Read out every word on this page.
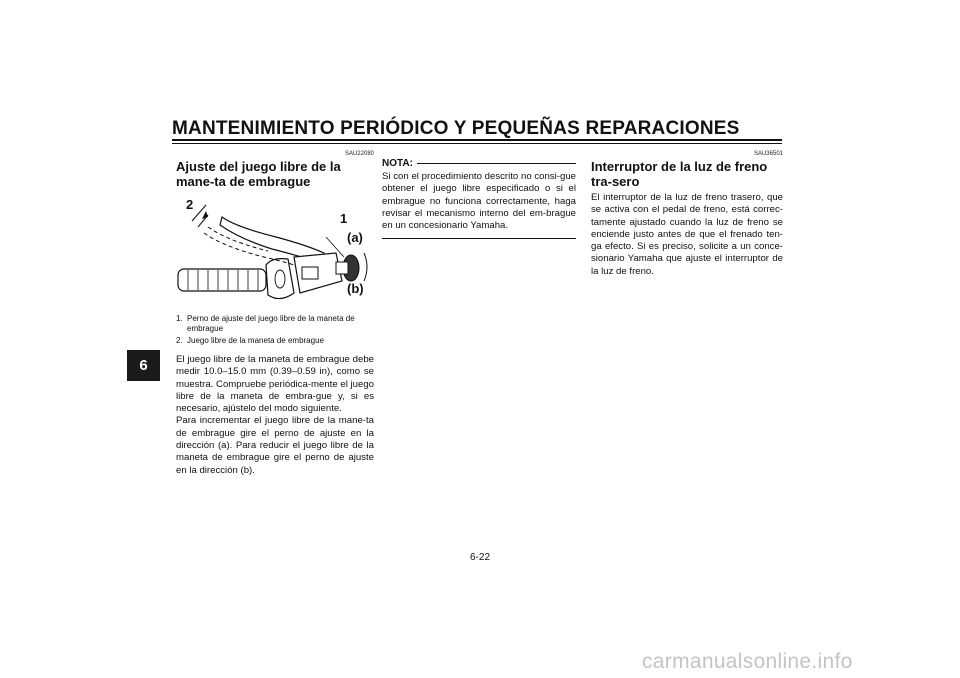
MANTENIMIENTO PERIÓDICO Y PEQUEÑAS REPARACIONES
6
SAU22080
Ajuste del juego libre de la mane-ta de embrague
2
1
(a)
(b)
1. Perno de ajuste del juego libre de la maneta de embrague
2. Juego libre de la maneta de embrague

El juego libre de la maneta de embrague debe medir 10.0–15.0 mm (0.39–0.59 in), como se muestra. Compruebe periódica-mente el juego libre de la maneta de embra-gue y, si es necesario, ajústelo del modo siguiente.

Para incrementar el juego libre de la mane-ta de embrague gire el perno de ajuste en la dirección (a). Para reducir el juego libre de la maneta de embrague gire el perno de ajuste en la dirección (b).

NOTA:
Si con el procedimiento descrito no consi-gue obtener el juego libre especificado o si el embrague no funciona correctamente, haga revisar el mecanismo interno del em-brague en un concesionario Yamaha.
SAU36501
Interruptor de la luz de freno tra-sero
El interruptor de la luz de freno trasero, que se activa con el pedal de freno, está correc-tamente ajustado cuando la luz de freno se enciende justo antes de que el frenado ten-ga efecto. Si es preciso, solicite a un conce-sionario Yamaha que ajuste el interruptor de la luz de freno.
6-22
carmanualsonline.info
